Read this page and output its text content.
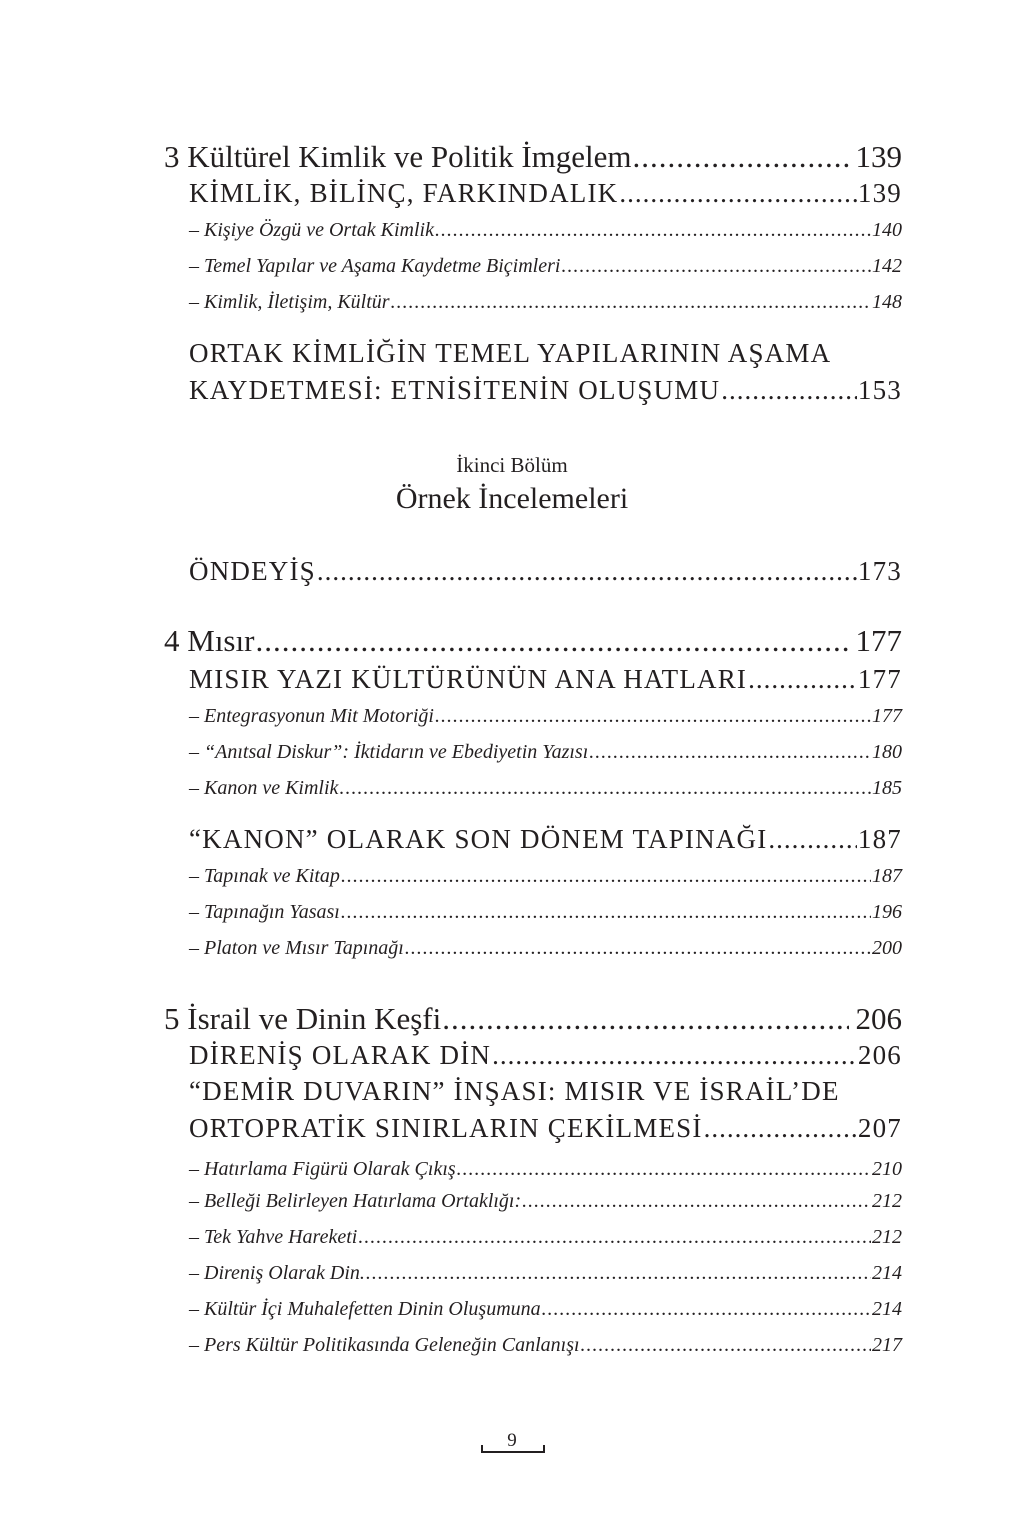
3 Kültürel Kimlik ve Politik İmgelem .....	139
KİMLİK, BİLİNÇ, FARKINDALIK .....	139
– Kişiye Özgü ve Ortak Kimlik .....	140
– Temel Yapılar ve Aşama Kaydetme Biçimleri .....	142
– Kimlik, İletişim, Kültür .....	148
ORTAK KİMLİĞİN TEMEL YAPILARININ AŞAMA
KAYDETMESİ: ETNİSİTENİN OLUŞUMU .....	153
İkinci Bölüm
Örnek İncelemeleri
ÖNDEYİŞ .....	173
4 Mısır .....	177
MISIR YAZI KÜLTÜRÜNÜN ANA HATLARI .....	177
– Entegrasyonun Mit Motoriği .....	177
– “Anıtsal Diskur”: İktidarın ve Ebediyetin Yazısı .....	180
– Kanon ve Kimlik .....	185
“KANON” OLARAK SON DÖNEM TAPINAĞI .....	187
– Tapınak ve Kitap .....	187
– Tapınağın Yasası .....	196
– Platon ve Mısır Tapınağı .....	200
5 İsrail ve Dinin Keşfi .....	206
DİRENİŞ OLARAK DİN .....	206
“DEMİR DUVARIN” İNŞASI: MISIR VE İSRAİL’DE
ORTOPRATİK SINIRLARIN ÇEKİLMESİ .....	207
– Hatırlama Figürü Olarak Çıkış .....	210
– Belleği Belirleyen Hatırlama Ortaklığı: .....	212
– Tek Yahve Hareketi .....	212
– Direniş Olarak Din. .....	214
– Kültür İçi Muhalefetten Dinin Oluşumuna .....	214
– Pers Kültür Politikasında Geleneğin Canlanışı .....	217
9
